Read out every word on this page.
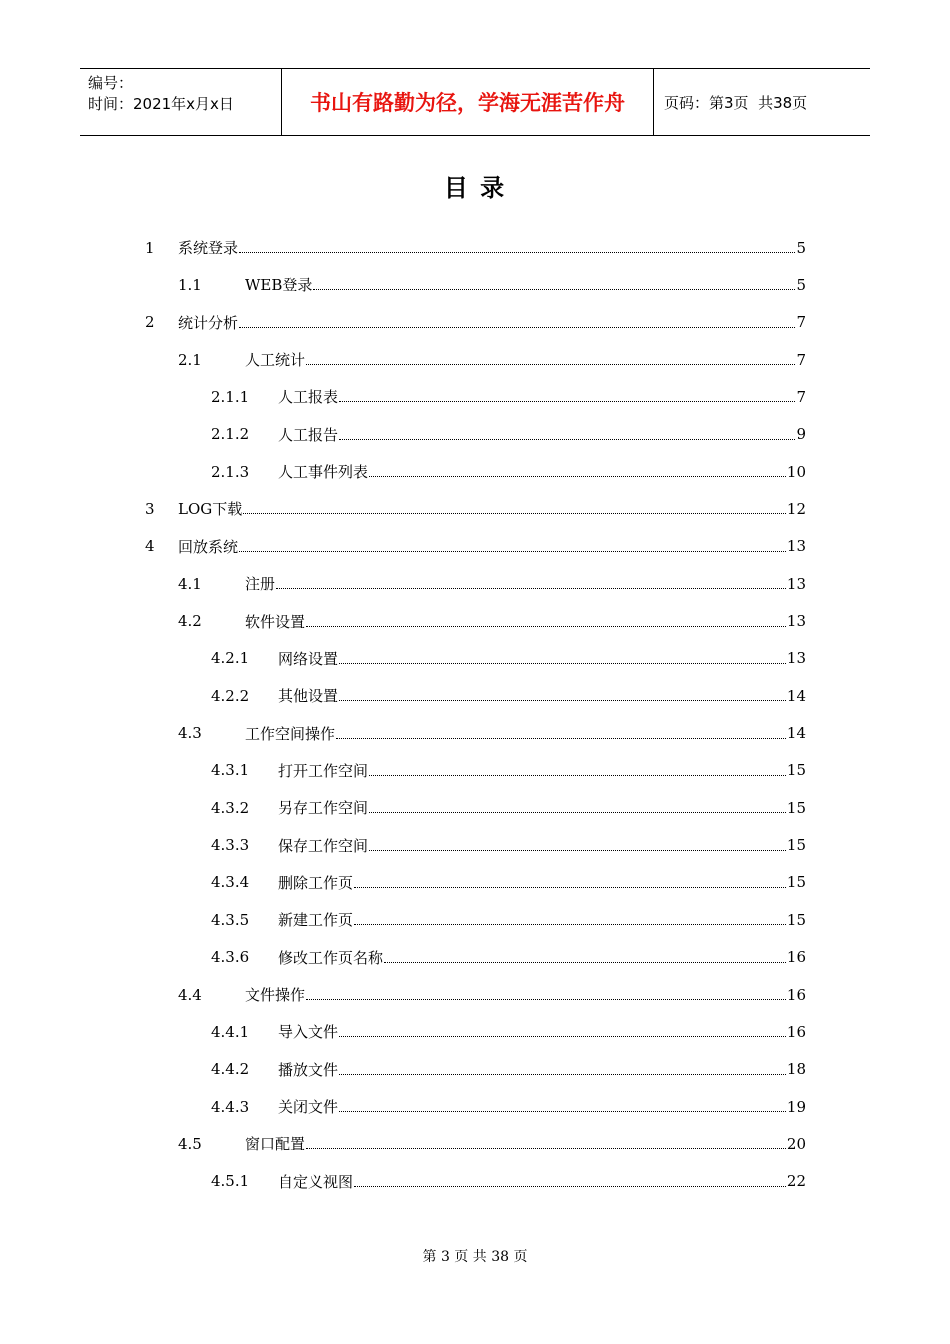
编号：
时间：2021年x月x日	书山有路勤为径，学海无涯苦作舟	页码：第3页  共38页
目 录
1	系统登录	5
1.1	WEB登录	5
2	统计分析	7
2.1	人工统计	7
2.1.1	人工报表	7
2.1.2	人工报告	9
2.1.3	人工事件列表	10
3	LOG下载	12
4	回放系统	13
4.1	注册	13
4.2	软件设置	13
4.2.1	网络设置	13
4.2.2	其他设置	14
4.3	工作空间操作	14
4.3.1	打开工作空间	15
4.3.2	另存工作空间	15
4.3.3	保存工作空间	15
4.3.4	删除工作页	15
4.3.5	新建工作页	15
4.3.6	修改工作页名称	16
4.4	文件操作	16
4.4.1	导入文件	16
4.4.2	播放文件	18
4.4.3	关闭文件	19
4.5	窗口配置	20
4.5.1	自定义视图	22
第 3 页 共 38 页
